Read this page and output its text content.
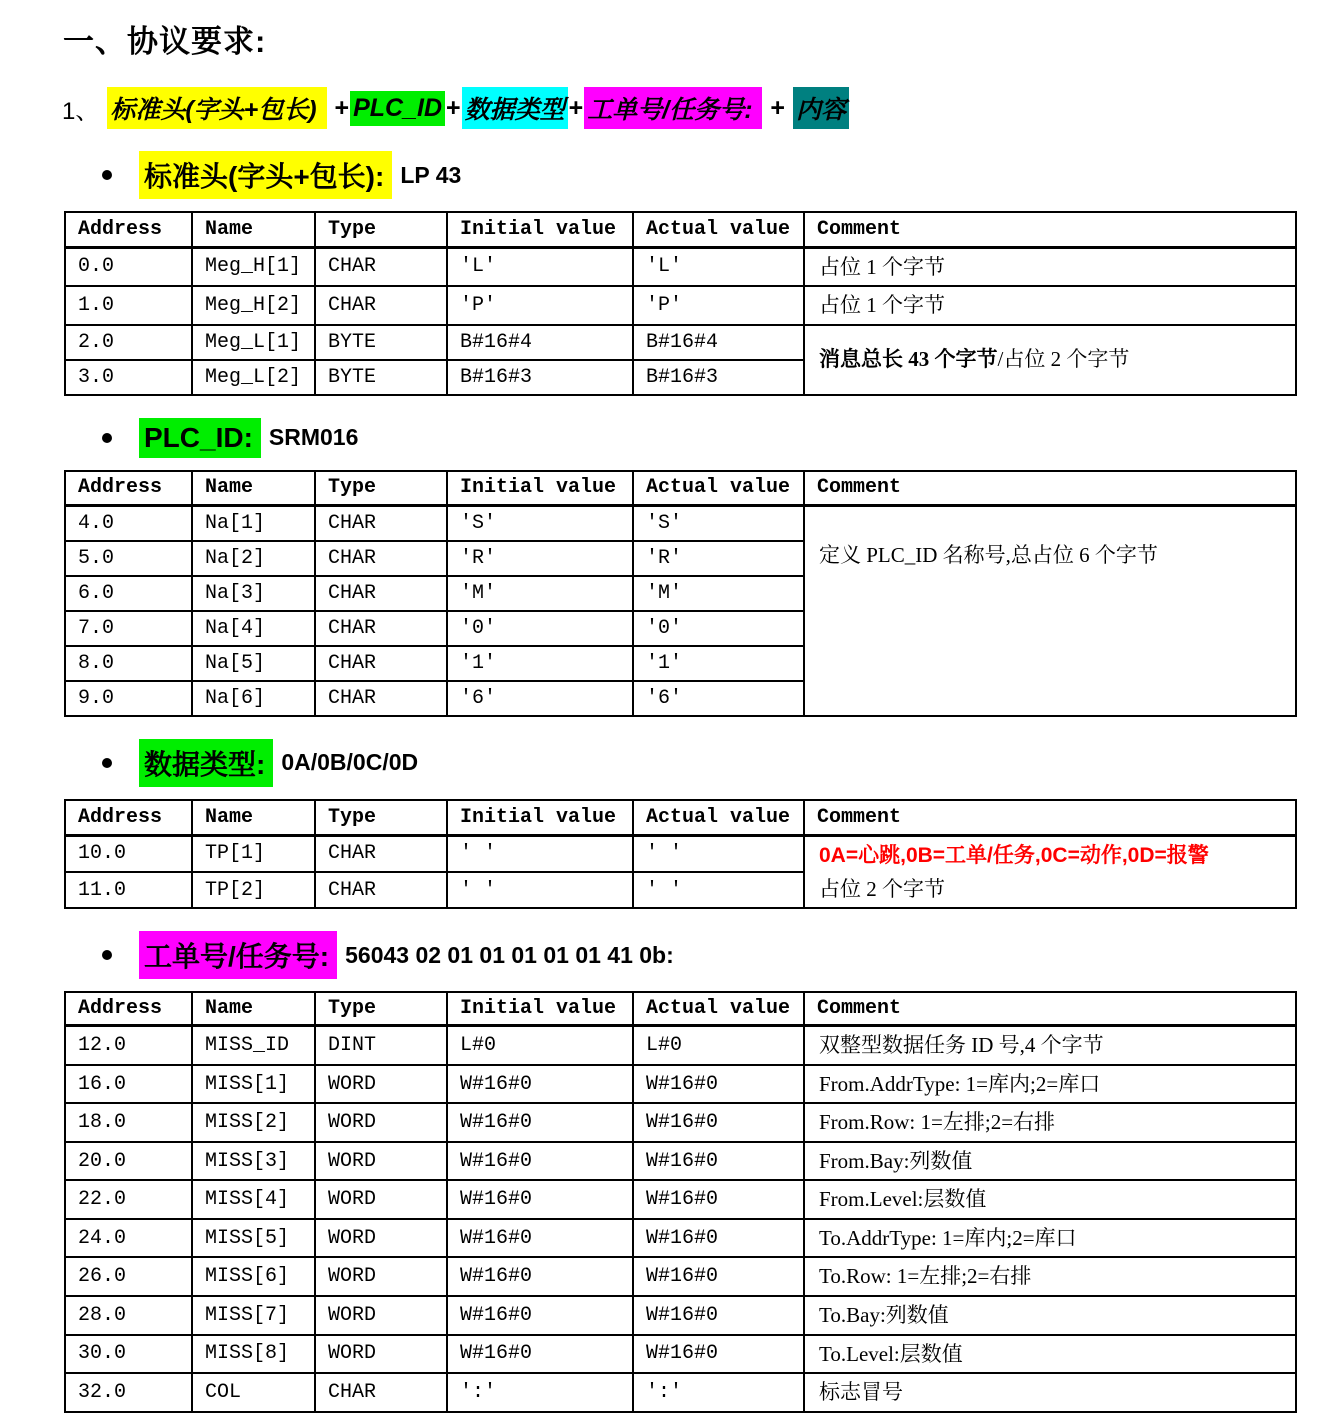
一、协议要求:
1、 标准头(字头+包长) + PLC_ID + 数据类型 + 工单号/任务号: + 内容
标准头(字头+包长): LP 43
Address	Name	Type	Initial value	Actual value	Comment
0.0	Meg_H[1]	CHAR	'L'	'L'	占位 1 个字节

1.0	Meg_H[2]	CHAR	'P'	'P'	占位 1 个字节

2.0	Meg_L[1]	BYTE	B#16#4	B#16#4	消息总长 43 个字节/占位 2 个字节

3.0	Meg_L[2]	BYTE	B#16#3	B#16#3	
PLC_ID: SRM016
Address	Name	Type	Initial value	Actual value	Comment
4.0	Na[1]	CHAR	'S'	'S'	定义 PLC_ID 名称号,总占位 6 个字节

5.0	Na[2]	CHAR	'R'	'R'	
6.0	Na[3]	CHAR	'M'	'M'	
7.0	Na[4]	CHAR	'0'	'0'	
8.0	Na[5]	CHAR	'1'	'1'	
9.0	Na[6]	CHAR	'6'	'6'	
数据类型: 0A/0B/0C/0D
Address	Name	Type	Initial value	Actual value	Comment
10.0	TP[1]	CHAR	' '	' '	0A=心跳,0B=工单/任务,0C=动作,0D=报警
占位 2 个字节

11.0	TP[2]	CHAR	' '	' '	
工单号/任务号: 56043 02 01 01 01 01 01 41 0b:
Address	Name	Type	Initial value	Actual value	Comment
12.0	MISS_ID	DINT	L#0	L#0	双整型数据任务 ID 号,4 个字节

16.0	MISS[1]	WORD	W#16#0	W#16#0	From.AddrType: 1=库内;2=库口

18.0	MISS[2]	WORD	W#16#0	W#16#0	From.Row: 1=左排;2=右排

20.0	MISS[3]	WORD	W#16#0	W#16#0	From.Bay:列数值

22.0	MISS[4]	WORD	W#16#0	W#16#0	From.Level:层数值

24.0	MISS[5]	WORD	W#16#0	W#16#0	To.AddrType: 1=库内;2=库口

26.0	MISS[6]	WORD	W#16#0	W#16#0	To.Row: 1=左排;2=右排

28.0	MISS[7]	WORD	W#16#0	W#16#0	To.Bay:列数值

30.0	MISS[8]	WORD	W#16#0	W#16#0	To.Level:层数值

32.0	COL	CHAR	':'	':'	标志冒号
